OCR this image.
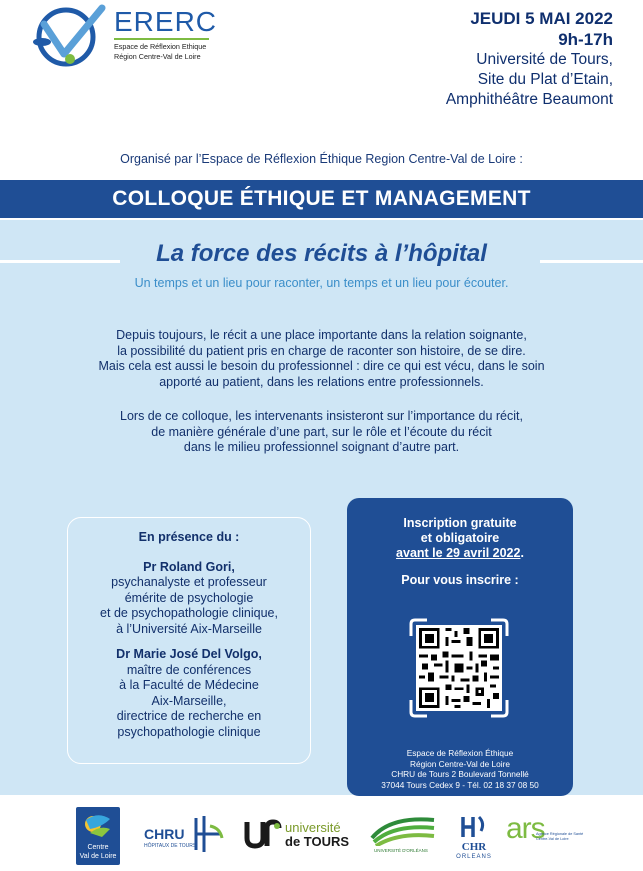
ERERC
Espace de Réflexion Ethique
Région Centre-Val de Loire
JEUDI 5 MAI 2022
9h-17h
Université de Tours,
Site du Plat d’Etain,
Amphithéâtre Beaumont
Organisé par l’Espace de Réflexion Éthique Region Centre-Val de Loire :
COLLOQUE ÉTHIQUE ET MANAGEMENT
La force des récits à l’hôpital
Un temps et un lieu pour raconter, un temps et un lieu pour écouter.
Depuis toujours, le récit a une place importante dans la relation soignante,
la possibilité du patient pris en charge de raconter son histoire, de se dire.
Mais cela est aussi le besoin du professionnel : dire ce qui est vécu, dans le soin
apporté au patient, dans les relations entre professionnels.
Lors de ce colloque, les intervenants insisteront sur l’importance du récit,
de manière générale d’une part, sur le rôle et l’écoute du récit
dans le milieu professionnel soignant d’autre part.
En présence du :
Pr Roland Gori,
psychanalyste et professeur
émérite de psychologie
et de psychopathologie clinique,
à l’Université Aix-Marseille
Dr Marie José Del Volgo,
maître de conférences
à la Faculté de Médecine
Aix-Marseille,
directrice de recherche en
psychopathologie clinique
Inscription gratuite
et obligatoire
avant le 29 avril 2022.
Pour vous inscrire :
Espace de Réflexion Éthique
Région Centre-Val de Loire
CHRU de Tours 2 Boulevard Tonnellé
37044 Tours Cedex 9 - Tél. 02 18 37 08 50
Centre
Val de Loire
CHRU
HÔPITAUX DE TOURS
université
de TOURS
UNIVERSITÉ D'ORLÉANS	CHR
ORLEANS
ars
Agence Régionale de Santé
Centre-Val de Loire
